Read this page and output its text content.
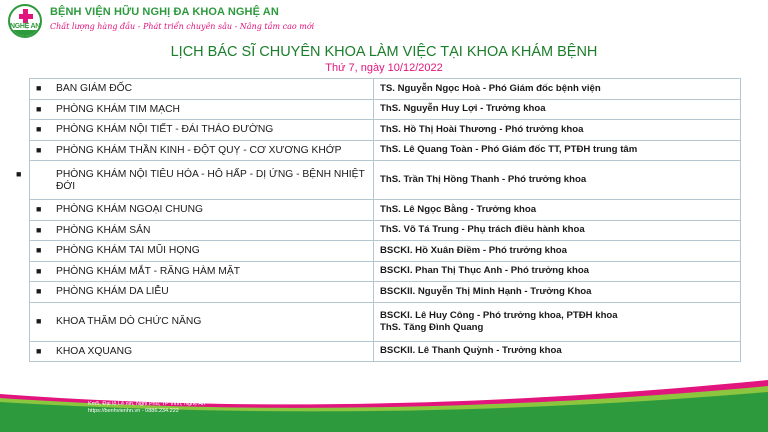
NGHỆ AN
BỆNH VIỆN HỮU NGHỊ ĐA KHOA NGHỆ AN
Chất lượng hàng đầu - Phát triển chuyên sâu - Nâng tầm cao mới
LỊCH BÁC SĨ CHUYÊN KHOA LÀM VIỆC TẠI KHOA KHÁM BỆNH
Thứ 7, ngày 10/12/2022
■ BAN GIÁM ĐỐC	TS. Nguyễn Ngọc Hoà - Phó Giám đốc bệnh viện
■ PHÒNG KHÁM TIM MẠCH	ThS. Nguyễn Huy Lợi - Trưởng khoa
■ PHÒNG KHÁM NỘI TIẾT - ĐÁI THÁO ĐƯỜNG	ThS. Hồ Thị Hoài Thương - Phó trưởng khoa
■ PHÒNG KHÁM THẦN KINH - ĐỘT QUỴ - CƠ XƯƠNG KHỚP	ThS. Lê Quang Toàn - Phó Giám đốc TT, PTĐH trung tâm
■ PHÒNG KHÁM NỘI TIÊU HÓA - HÔ HẤP - DỊ ỨNG - BỆNH NHIỆT ĐỚI	ThS. Trần Thị Hồng Thanh - Phó trưởng khoa
■ PHÒNG KHÁM NGOẠI CHUNG	ThS. Lê Ngọc Bằng - Trưởng khoa
■ PHÒNG KHÁM SẢN	ThS. Võ Tá Trung - Phụ trách điều hành khoa
■ PHÒNG KHÁM TAI MŨI HỌNG	BSCKI. Hồ Xuân Điềm - Phó trưởng khoa
■ PHÒNG KHÁM MẮT - RĂNG HÀM MẶT	BSCKI. Phan Thị Thục Anh - Phó trưởng khoa
■ PHÒNG KHÁM DA LIỄU	BSCKII. Nguyễn Thị Minh Hạnh - Trưởng Khoa
■ KHOA THĂM DÒ CHỨC NĂNG	BSCKI. Lê Huy Công - Phó trưởng khoa, PTĐH khoa
ThS. Tăng Đình Quang

■ KHOA XQUANG	BSCKII. Lê Thanh Quỳnh - Trưởng khoa
BỆNH VIỆN HỮU NGHỊ ĐA KHOA NGHỆ AN
Km5, Đại lộ Lê nin, Nghi Phú, TP Vinh, Nghệ An
https://benhvienhn.vn - 0886.234.222
